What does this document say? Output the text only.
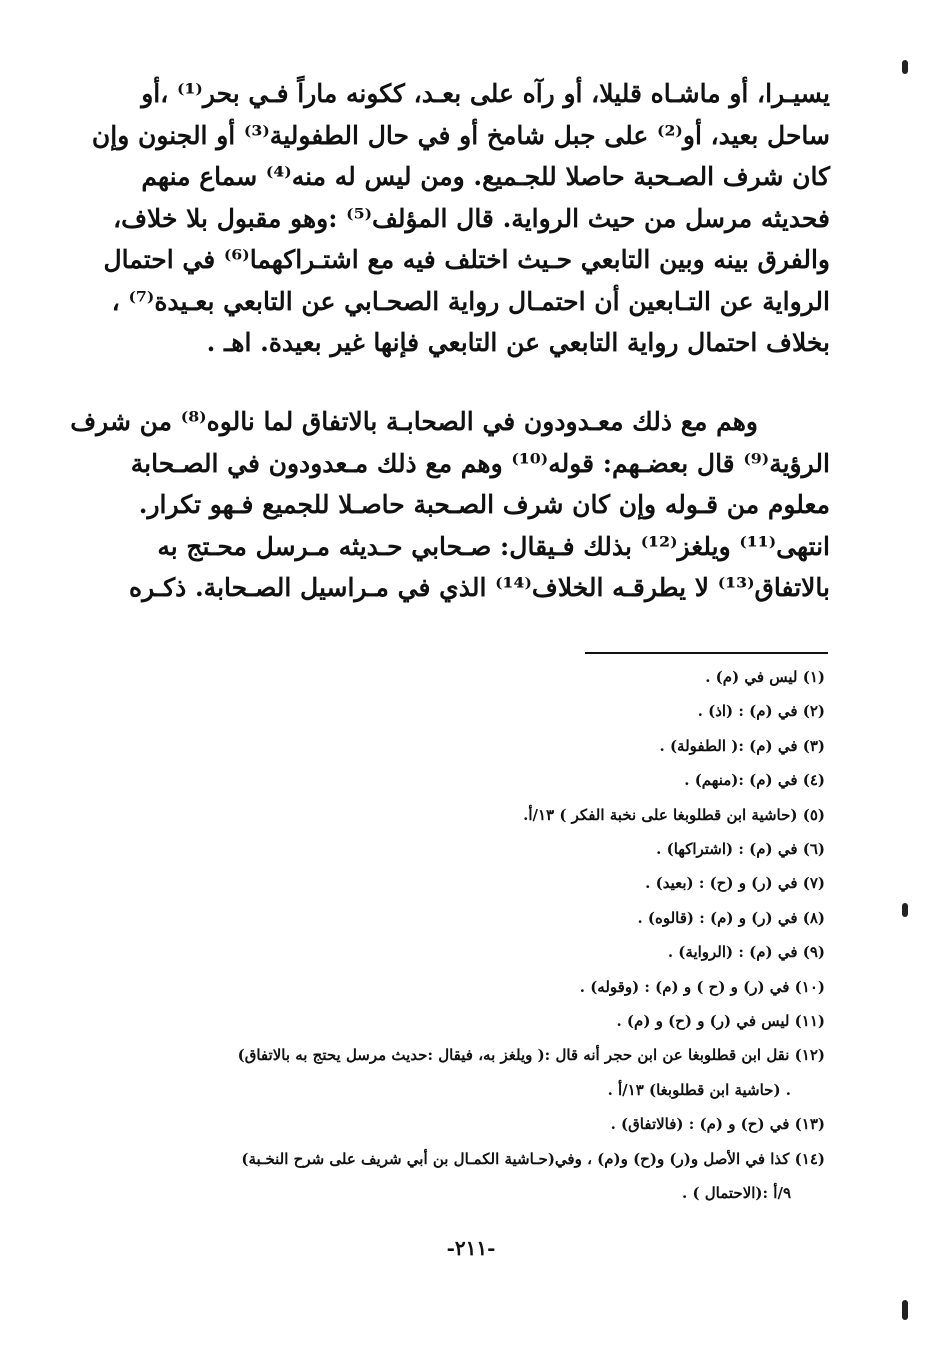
يسيـرا، أو ماشـاه قليلا، أو رآه على بعـد، ككونه ماراً فـي بحر⁽¹⁾ ،أو
ساحل بعيد، أو⁽²⁾ على جبل شامخ أو في حال الطفولية⁽³⁾ أو الجنون وإن
كان شرف الصـحبة حاصلا للجـميع. ومن ليس له منه⁽⁴⁾ سماع منهم
فحديثه مرسل من حيث الرواية. قال المؤلف⁽⁵⁾ :وهو مقبول بلا خلاف،
والفرق بينه وبين التابعي حـيث اختلف فيه مع اشتـراكهما⁽⁶⁾ في احتمال
الرواية عن التـابعين أن احتمـال رواية الصحـابي عن التابعي بعـيدة⁽⁷⁾ ،
بخلاف احتمال رواية التابعي عن التابعي فإنها غير بعيدة. اهـ .
وهم مع ذلك معـدودون في الصحابـة بالاتفاق لما نالوه⁽⁸⁾ من شرف
الرؤية⁽⁹⁾ قال بعضـهم: قوله⁽¹⁰⁾ وهم مع ذلك مـعدودون في الصـحابة
معلوم من قـوله وإن كان شرف الصـحبة حاصـلا للجميع فـهو تكرار.
انتهى⁽¹¹⁾ ويلغز⁽¹²⁾ بذلك فـيقال: صـحابي حـديثه مـرسل محـتج به
بالاتفاق⁽¹³⁾ لا يطرقـه الخلاف⁽¹⁴⁾ الذي في مـراسيل الصـحابة. ذكـره
(١) ليس في (م) .
(٢) في (م) : (اذ) .
(٣) في (م) :( الطفولة) .
(٤) في (م) :(منهم) .
(٥) (حاشية ابن قطلوبغا على نخبة الفكر ) ١٣/أ.
(٦) في (م) : (اشتراكها) .
(٧) في (ر) و (ح) : (بعيد) .
(٨) في (ر) و (م) : (قالوه) .
(٩) في (م) : (الرواية) .
(١٠) في (ر) و (ح ) و (م) : (وقوله) .
(١١) ليس في (ر) و (ح) و (م) .
(١٢) نقل ابن قطلوبغا عن ابن حجر أنه قال :( ويلغز به، فيقال :حديث مرسل يحتج به بالاتفاق)
. (حاشية ابن قطلوبغا) ١٣/أ .
(١٣) في (ح) و (م) : (فالاتفاق) .
(١٤) كذا في الأصل و(ر) و(ح) و(م) ، وفي(حـاشية الكمـال بن أبي شريف على شرح النخـبة)
٩/أ :(الاحتمال ) .
-٢١١-
